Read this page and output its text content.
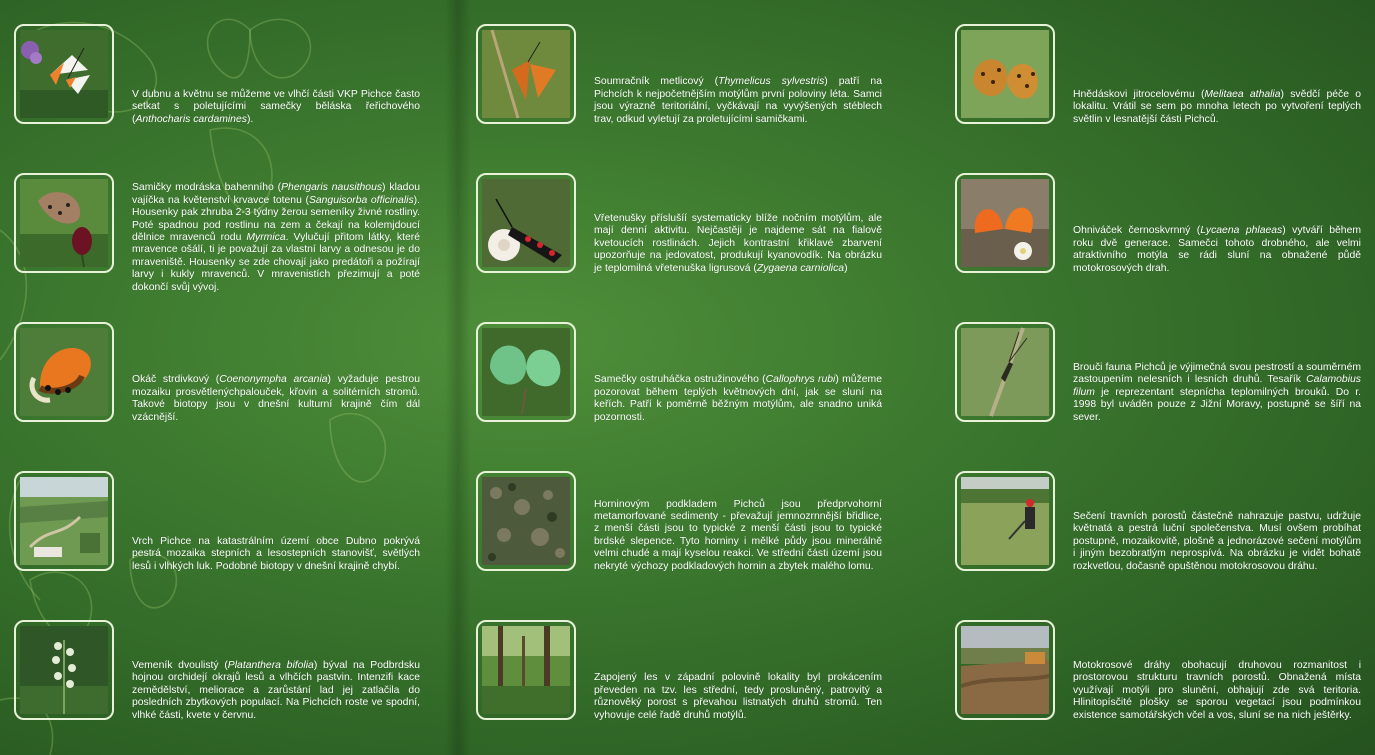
V dubnu a květnu se můžeme ve vlhčí části VKP Pichce často setkat s poletujícími samečky běláska řeřichového (Anthocharis cardamines).
Samičky modráska bahenního (Phengaris nausithous) kladou vajíčka na květenství krvavce totenu (Sanguisorba officinalis). Housenky pak zhruba 2-3 týdny žerou semeníky živné rostliny. Poté spadnou pod rostlinu na zem a čekají na kolemjdoucí dělnice mravenců rodu Myrmica. Vylučují přitom látky, které mravence ošálí, ti je považují za vlastní larvy a odnesou je do mraveniště. Housenky se zde chovají jako predátoři a požírají larvy i kukly mravenců. V mravenistích přezimují a poté dokončí svůj vývoj.
Okáč strdivkový (Coenonympha arcania) vyžaduje pestrou mozaiku prosvětlenýchpalouček, křovin a solitérních stromů. Takové biotopy jsou v dnešní kulturní krajině čím dál vzácnější.
Vrch Pichce na katastrálním území obce Dubno pokrývá pestrá mozaika stepních a lesostepních stanovišť, světlých lesů i vlhkých luk. Podobné biotopy v dnešní krajině chybí.
Vemeník dvoulistý (Platanthera bifolia) býval na Podbrdsku hojnou orchidejí okrajů lesů a vlhčích pastvin. Intenzifi kace zemědělství, meliorace a zarůstání lad jej zatlačila do posledních zbytkových populací. Na Pichcích roste ve spodní, vlhké části, kvete v červnu.
Soumračník metlicový (Thymelicus sylvestris) patří na Pichcích k nejpočetnějším motýlům první poloviny léta. Samci jsou výrazně teritoriální, vyčkávají na vyvýšených stéblech trav, odkud vyletují za proletujícími samičkami.
Vřetenušky příslušíí systematicky blíže nočním motýlům, ale mají denní aktivitu. Nejčastěji je najdeme sát na fialově kvetoucích rostlinách. Jejich kontrastní křiklavé zbarvení upozorňuje na jedovatost, produkují kyanovodík. Na obrázku je teplomilná vřetenuška ligrusová (Zygaena carniolica)
Samečky ostruháčka ostružinového (Callophrys rubi) můžeme pozorovat během teplých květnových dní, jak se sluní na keřích. Patří k poměrně běžným motýlům, ale snadno uniká pozornosti.
Horninovým podkladem Pichců jsou předprvohorní metamorfované sedimenty - převažují jemnozrnnější břidlice, z menší části jsou to typické z menší části jsou to typické brdské slepence. Tyto horniny i mělké půdy jsou minerálně velmi chudé a mají kyselou reakci. Ve střední části území jsou nekryté výchozy podkladových hornin a zbytek malého lomu.
Zapojený les v západní polovině lokality byl prokácením převeden na tzv. les střední, tedy prosluněný, patrovitý a různověký porost s převahou listnatých druhů stromů. Ten vyhovuje celé řadě druhů motýlů.
Hnědáskovi jitrocelovému (Melitaea athalia) svědčí péče o lokalitu. Vrátil se sem po mnoha letech po vytvoření teplých světlin v lesnatější části Pichců.
Ohniváček černoskvrnný (Lycaena phlaeas) vytváří během roku dvě generace. Samečci tohoto drobného, ale velmi atraktivního motýla se rádi sluní na obnažené půdě motokrosových drah.
Brouči fauna Pichců je výjimečná svou pestrostí a souměrném zastoupením nelesních i lesních druhů. Tesařík Calamobius filum je reprezentant stepnícha teplomilných brouků. Do r. 1998 byl uváděn pouze z Jižní Moravy, postupně se šíří na sever.
Sečení travních porostů částečně nahrazuje pastvu, udržuje květnatá a pestrá luční společenstva. Musí ovšem probíhat postupně, mozaikovitě, plošně a jednorázové sečení motýlům i jiným bezobratlým neprospívá. Na obrázku je vidět bohatě rozkvetlou, dočasně opuštěnou motokrosovou dráhu.
Motokrosové dráhy obohacují druhovou rozmanitost i prostorovou strukturu travních porostů. Obnažená místa využívají motýli pro slunění, obhajují zde svá teritoria. Hlinitopísčité plošky se sporou vegetací jsou podmínkou existence samotářských včel a vos, sluní se na nich ještěrky.
